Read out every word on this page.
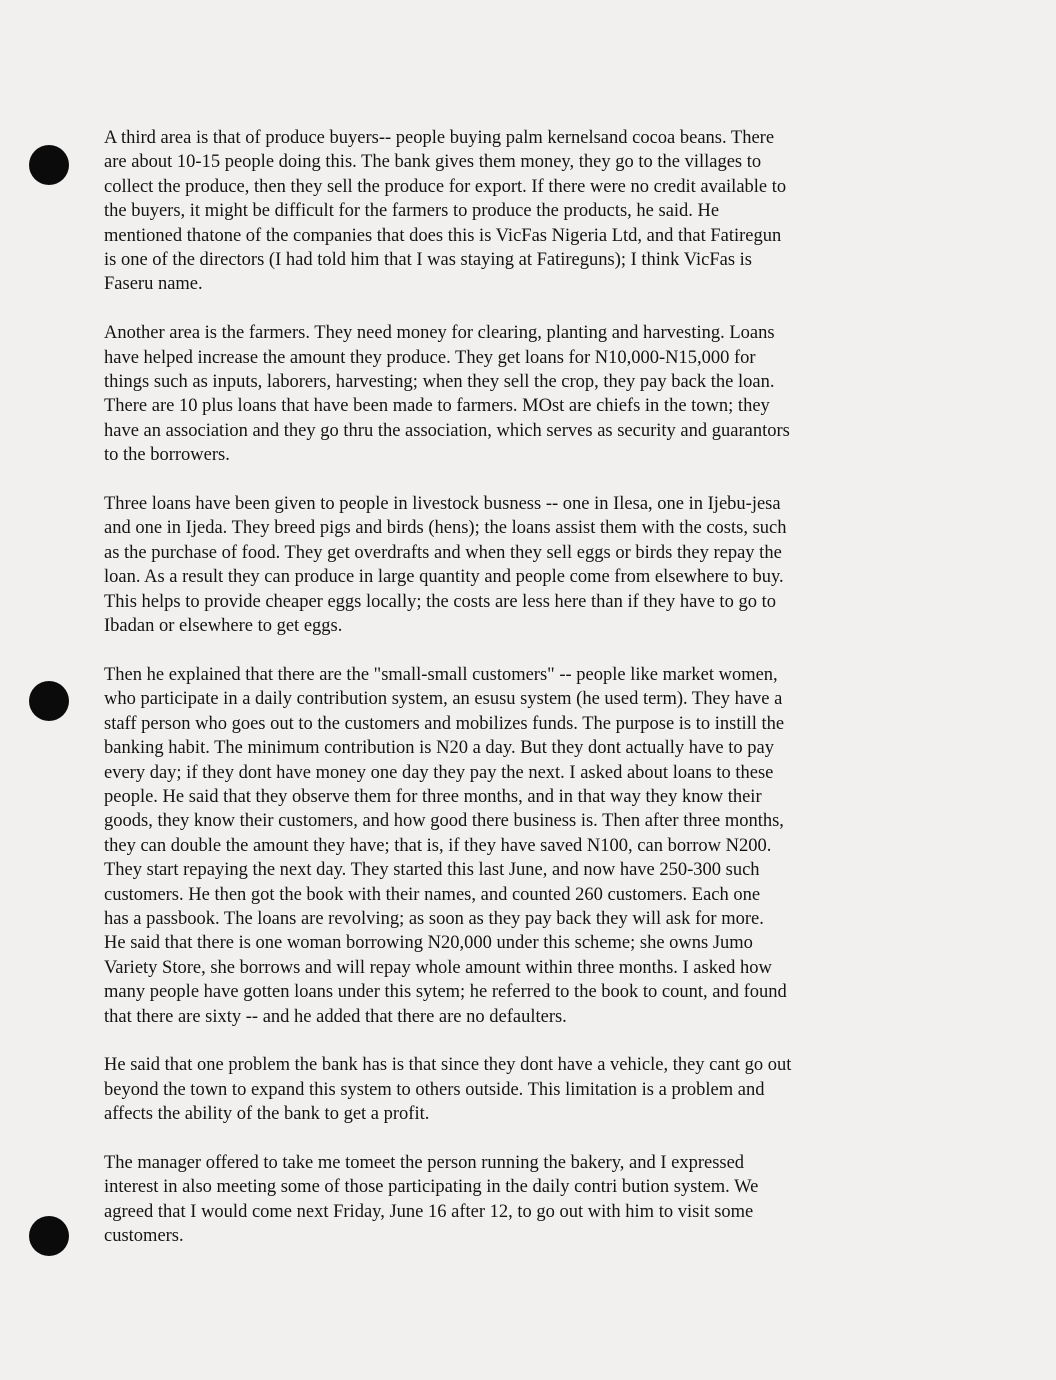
A third area is that of produce buyers-- people buying palm kernelsand cocoa beans. There
are about 10-15 people doing this. The bank gives them money, they go to the villages to
collect the produce, then they sell the produce for export. If there were no credit available to
the buyers, it might be difficult for the farmers to produce the products, he said. He
mentioned thatone of the companies that does this is VicFas Nigeria Ltd, and that Fatiregun
is one of the directors (I had told him that I was staying at Fatireguns); I think VicFas is
Faseru name.

Another area is the farmers. They need money for clearing, planting and harvesting. Loans
have helped increase the amount they produce. They get loans for N10,000-N15,000 for
things such as inputs, laborers, harvesting; when they sell the crop, they pay back the loan.
There are 10 plus loans that have been made to farmers. MOst are chiefs in the town; they
have an association and they go thru the association, which serves as security and guarantors
to the borrowers.

Three loans have been given to people in livestock busness -- one in Ilesa, one in Ijebu-jesa
and one in Ijeda. They breed pigs and birds (hens); the loans assist them with the costs, such
as the purchase of food. They get overdrafts and when they sell eggs or birds they repay the
loan. As a result they can produce in large quantity and people come from elsewhere to buy.
This helps to provide cheaper eggs locally; the costs are less here than if they have to go to
Ibadan or elsewhere to get eggs.

Then he explained that there are the "small-small customers" -- people like market women,
who participate in a daily contribution system, an esusu system (he used term). They have a
staff person who goes out to the customers and mobilizes funds. The purpose is to instill the
banking habit. The minimum contribution is N20 a day. But they dont actually have to pay
every day; if they dont have money one day they pay the next. I asked about loans to these
people. He said that they observe them for three months, and in that way they know their
goods, they know their customers, and how good there business is. Then after three months,
they can double the amount they have; that is, if they have saved N100, can borrow N200.
They start repaying the next day. They started this last June, and now have 250-300 such
customers. He then got the book with their names, and counted 260 customers. Each one
has a passbook. The loans are revolving; as soon as they pay back they will ask for more.
He said that there is one woman borrowing N20,000 under this scheme; she owns Jumo
Variety Store, she borrows and will repay whole amount within three months. I asked how
many people have gotten loans under this sytem; he referred to the book to count, and found
that there are sixty -- and he added that there are no defaulters.

He said that one problem the bank has is that since they dont have a vehicle, they cant go out
beyond the town to expand this system to others outside. This limitation is a problem and
affects the ability of the bank to get a profit.

The manager offered to take me tomeet the person running the bakery, and I expressed
interest in also meeting some of those participating in the daily contri bution system. We
agreed that I would come next Friday, June 16 after 12, to go out with him to visit some
customers.
